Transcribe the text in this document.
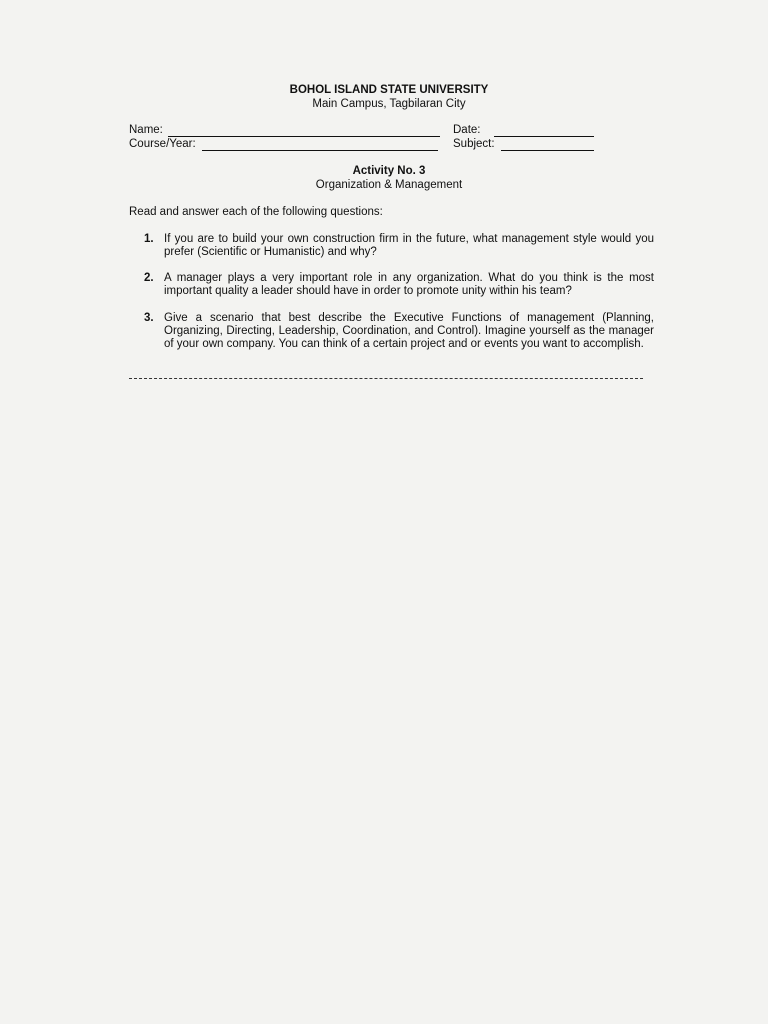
BOHOL ISLAND STATE UNIVERSITY
Main Campus, Tagbilaran City
Name:	Date:
Course/Year:	Subject:
Activity No. 3
Organization & Management
Read and answer each of the following questions:
1. If you are to build your own construction firm in the future, what management style would you prefer (Scientific or Humanistic) and why?
2. A manager plays a very important role in any organization. What do you think is the most important quality a leader should have in order to promote unity within his team?
3. Give a scenario that best describe the Executive Functions of management (Planning, Organizing, Directing, Leadership, Coordination, and Control). Imagine yourself as the manager of your own company. You can think of a certain project and or events you want to accomplish.
